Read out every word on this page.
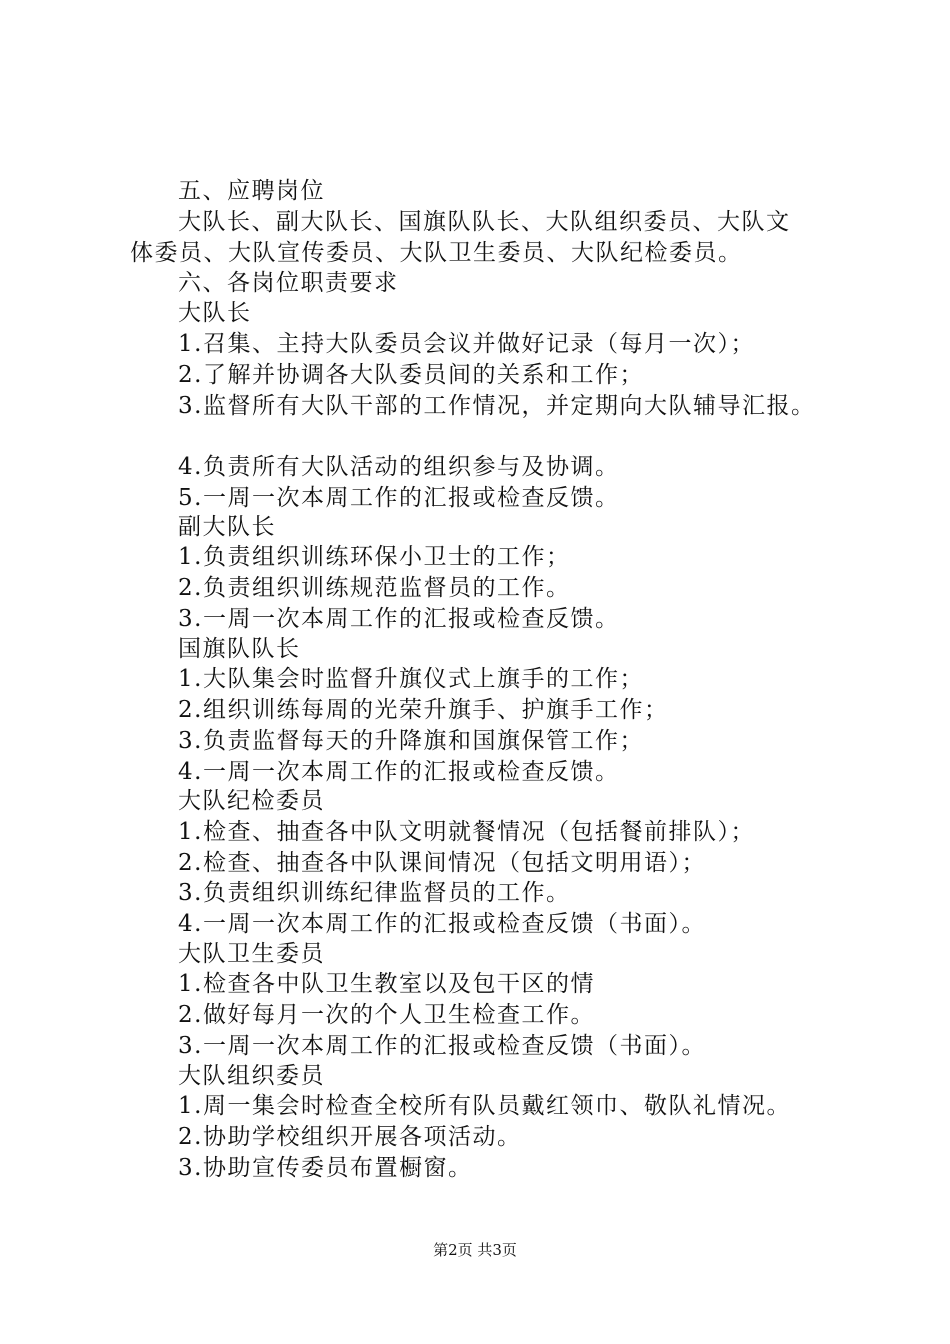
五、应聘岗位
大队长、副大队长、国旗队队长、大队组织委员、大队文
体委员、大队宣传委员、大队卫生委员、大队纪检委员。
六、各岗位职责要求
大队长
1.召集、主持大队委员会议并做好记录（每月一次）；
2.了解并协调各大队委员间的关系和工作；
3.监督所有大队干部的工作情况，并定期向大队辅导汇报。
4.负责所有大队活动的组织参与及协调。
5.一周一次本周工作的汇报或检查反馈。
副大队长
1.负责组织训练环保小卫士的工作；
2.负责组织训练规范监督员的工作。
3.一周一次本周工作的汇报或检查反馈。
国旗队队长
1.大队集会时监督升旗仪式上旗手的工作；
2.组织训练每周的光荣升旗手、护旗手工作；
3.负责监督每天的升降旗和国旗保管工作；
4.一周一次本周工作的汇报或检查反馈。
大队纪检委员
1.检查、抽查各中队文明就餐情况（包括餐前排队）；
2.检查、抽查各中队课间情况（包括文明用语）；
3.负责组织训练纪律监督员的工作。
4.一周一次本周工作的汇报或检查反馈（书面）。
大队卫生委员
1.检查各中队卫生教室以及包干区的情
2.做好每月一次的个人卫生检查工作。
3.一周一次本周工作的汇报或检查反馈（书面）。
大队组织委员
1.周一集会时检查全校所有队员戴红领巾、敬队礼情况。
2.协助学校组织开展各项活动。
3.协助宣传委员布置橱窗。
第2页 共3页
